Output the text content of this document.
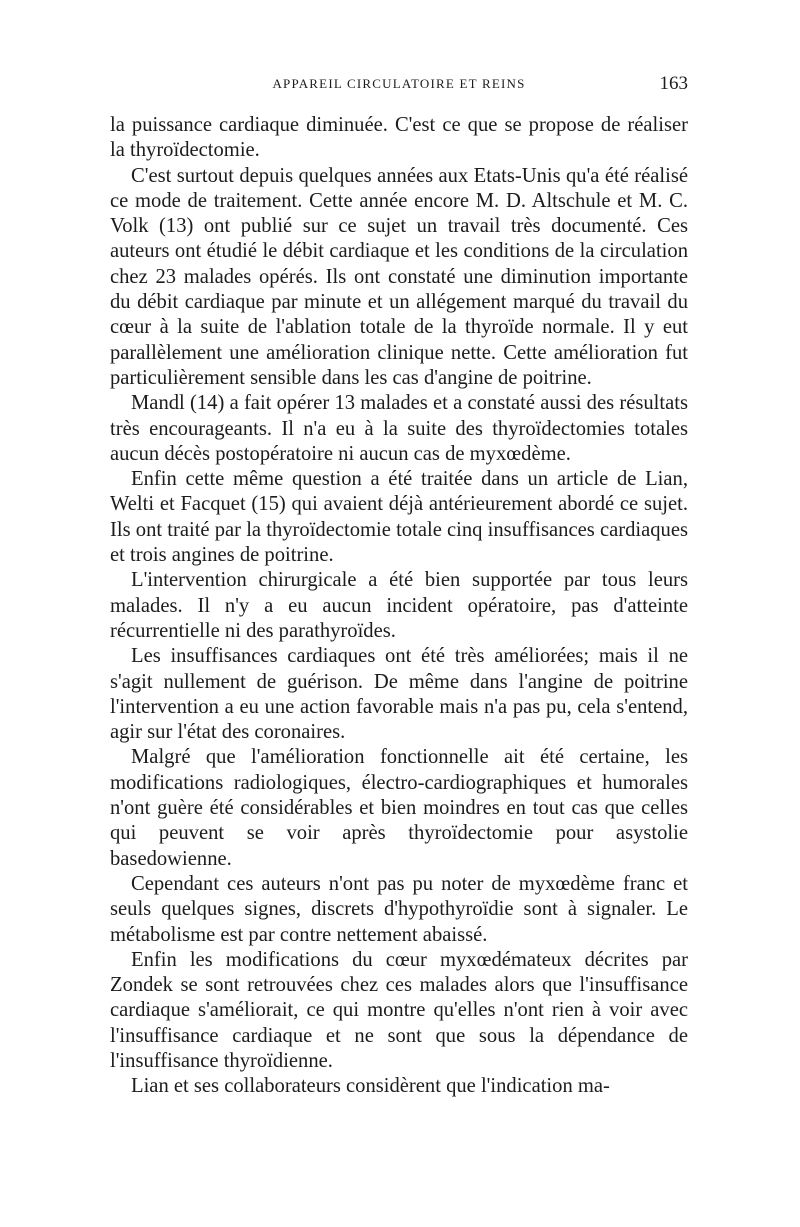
APPAREIL CIRCULATOIRE ET REINS	163

la puissance cardiaque diminuée. C'est ce que se propose de réaliser la thyroïdectomie.

C'est surtout depuis quelques années aux Etats-Unis qu'a été réalisé ce mode de traitement. Cette année encore M. D. Altschule et M. C. Volk (13) ont publié sur ce sujet un travail très documenté. Ces auteurs ont étudié le débit cardiaque et les conditions de la circulation chez 23 malades opérés. Ils ont constaté une diminution importante du débit cardiaque par minute et un allégement marqué du travail du cœur à la suite de l'ablation totale de la thyroïde normale. Il y eut parallèlement une amélioration clinique nette. Cette amélioration fut particulièrement sensible dans les cas d'angine de poitrine.

Mandl (14) a fait opérer 13 malades et a constaté aussi des résultats très encourageants. Il n'a eu à la suite des thyroïdectomies totales aucun décès postopératoire ni aucun cas de myxœdème.

Enfin cette même question a été traitée dans un article de Lian, Welti et Facquet (15) qui avaient déjà antérieurement abordé ce sujet. Ils ont traité par la thyroïdectomie totale cinq insuffisances cardiaques et trois angines de poitrine.

L'intervention chirurgicale a été bien supportée par tous leurs malades. Il n'y a eu aucun incident opératoire, pas d'atteinte récurrentielle ni des parathyroïdes.

Les insuffisances cardiaques ont été très améliorées; mais il ne s'agit nullement de guérison. De même dans l'angine de poitrine l'intervention a eu une action favorable mais n'a pas pu, cela s'entend, agir sur l'état des coronaires.

Malgré que l'amélioration fonctionnelle ait été certaine, les modifications radiologiques, électro-cardiographiques et humorales n'ont guère été considérables et bien moindres en tout cas que celles qui peuvent se voir après thyroïdectomie pour asystolie basedowienne.

Cependant ces auteurs n'ont pas pu noter de myxœdème franc et seuls quelques signes, discrets d'hypothyroïdie sont à signaler. Le métabolisme est par contre nettement abaissé.

Enfin les modifications du cœur myxœdémateux décrites par Zondek se sont retrouvées chez ces malades alors que l'insuffisance cardiaque s'améliorait, ce qui montre qu'elles n'ont rien à voir avec l'insuffisance cardiaque et ne sont que sous la dépendance de l'insuffisance thyroïdienne.

Lian et ses collaborateurs considèrent que l'indication ma-
